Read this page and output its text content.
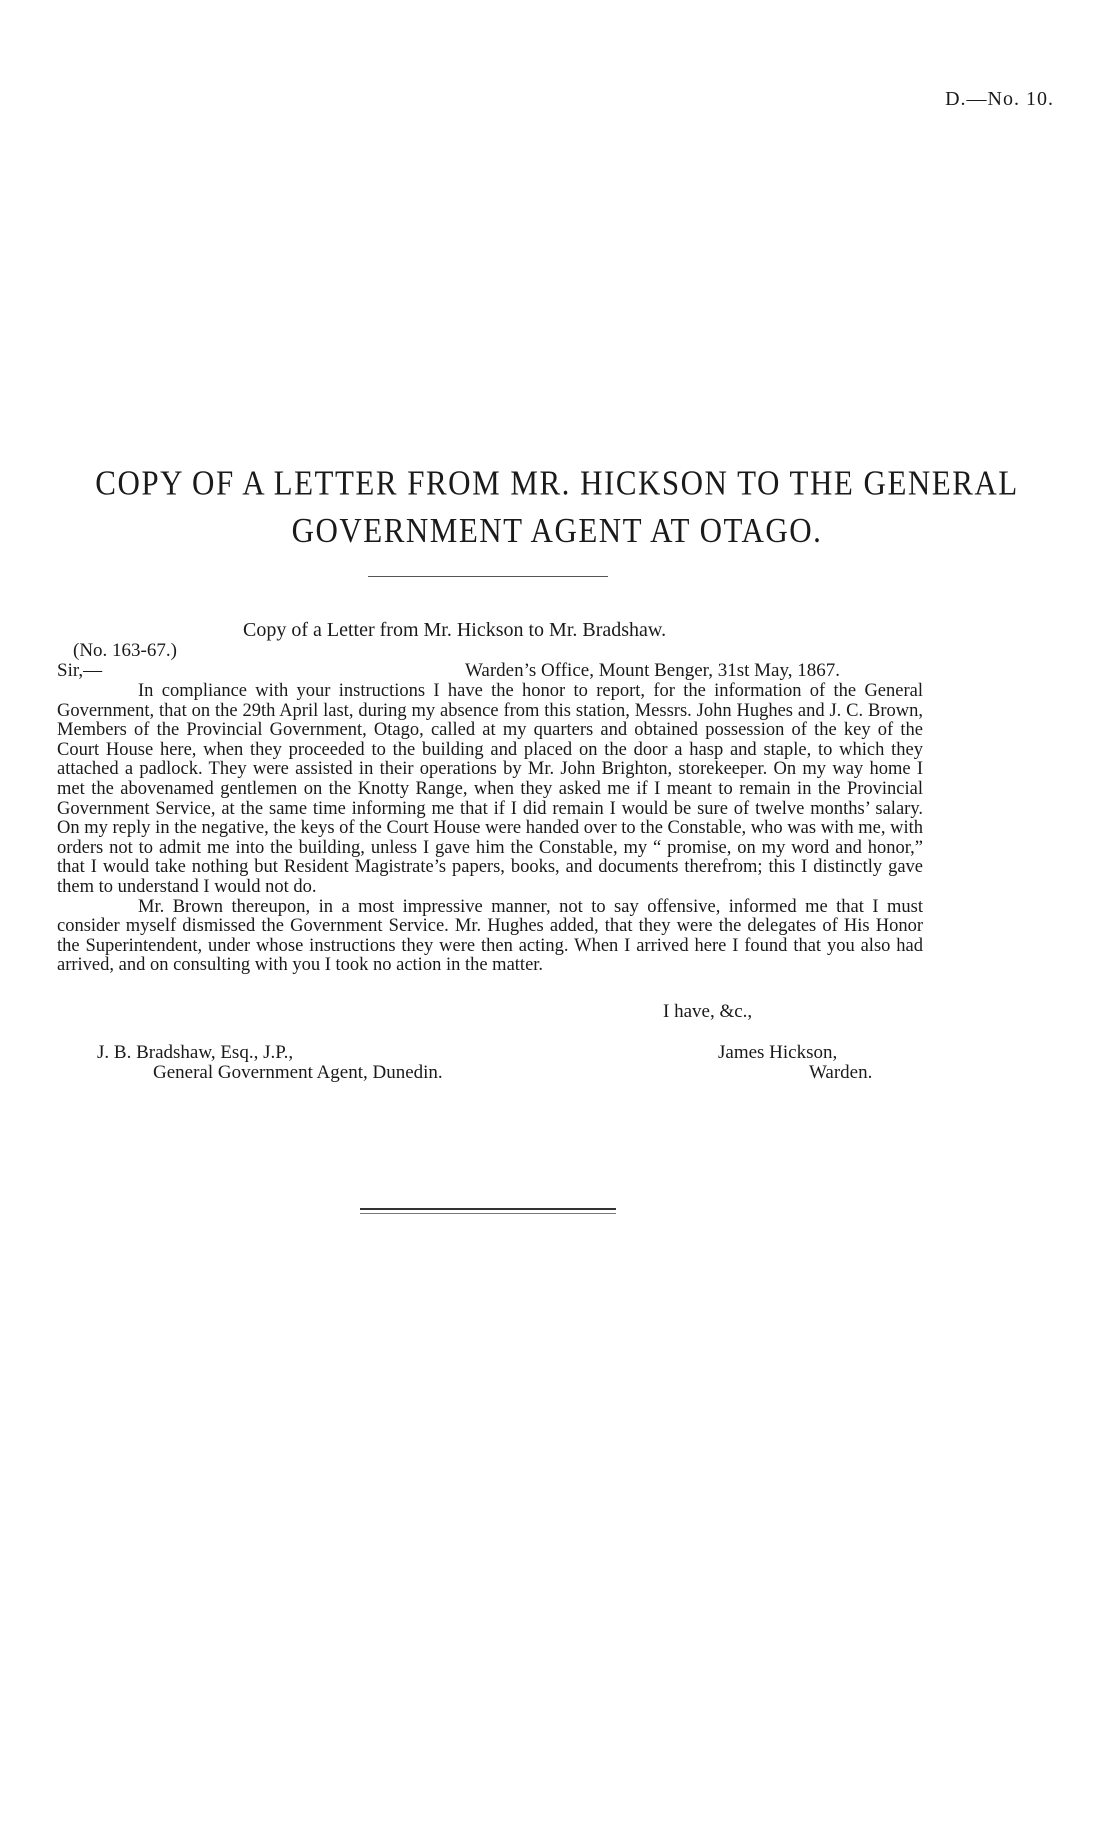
D.—No. 10.
COPY OF A LETTER FROM MR. HICKSON TO THE GENERAL
GOVERNMENT AGENT AT OTAGO.
Copy of a Letter from Mr. Hickson to Mr. Bradshaw.
(No. 163-67.)
Sir,—	Warden’s Office, Mount Benger, 31st May, 1867.

In compliance with your instructions I have the honor to report, for the information of the General Government, that on the 29th April last, during my absence from this station, Messrs. John Hughes and J. C. Brown, Members of the Provincial Government, Otago, called at my quarters and obtained possession of the key of the Court House here, when they proceeded to the building and placed on the door a hasp and staple, to which they attached a padlock. They were assisted in their operations by Mr. John Brighton, storekeeper. On my way home I met the abovenamed gentlemen on the Knotty Range, when they asked me if I meant to remain in the Provincial Government Service, at the same time informing me that if I did remain I would be sure of twelve months’ salary. On my reply in the negative, the keys of the Court House were handed over to the Constable, who was with me, with orders not to admit me into the building, unless I gave him the Constable, my “ promise, on my word and honor,” that I would take nothing but Resident Magistrate’s papers, books, and documents therefrom; this I distinctly gave them to understand I would not do.

Mr. Brown thereupon, in a most impressive manner, not to say offensive, informed me that I must consider myself dismissed the Government Service. Mr. Hughes added, that they were the delegates of His Honor the Superintendent, under whose instructions they were then acting. When I arrived here I found that you also had arrived, and on consulting with you I took no action in the matter.

I have, &c.,
J. B. Bradshaw, Esq., J.P.,
General Government Agent, Dunedin.
James Hickson,
Warden.
